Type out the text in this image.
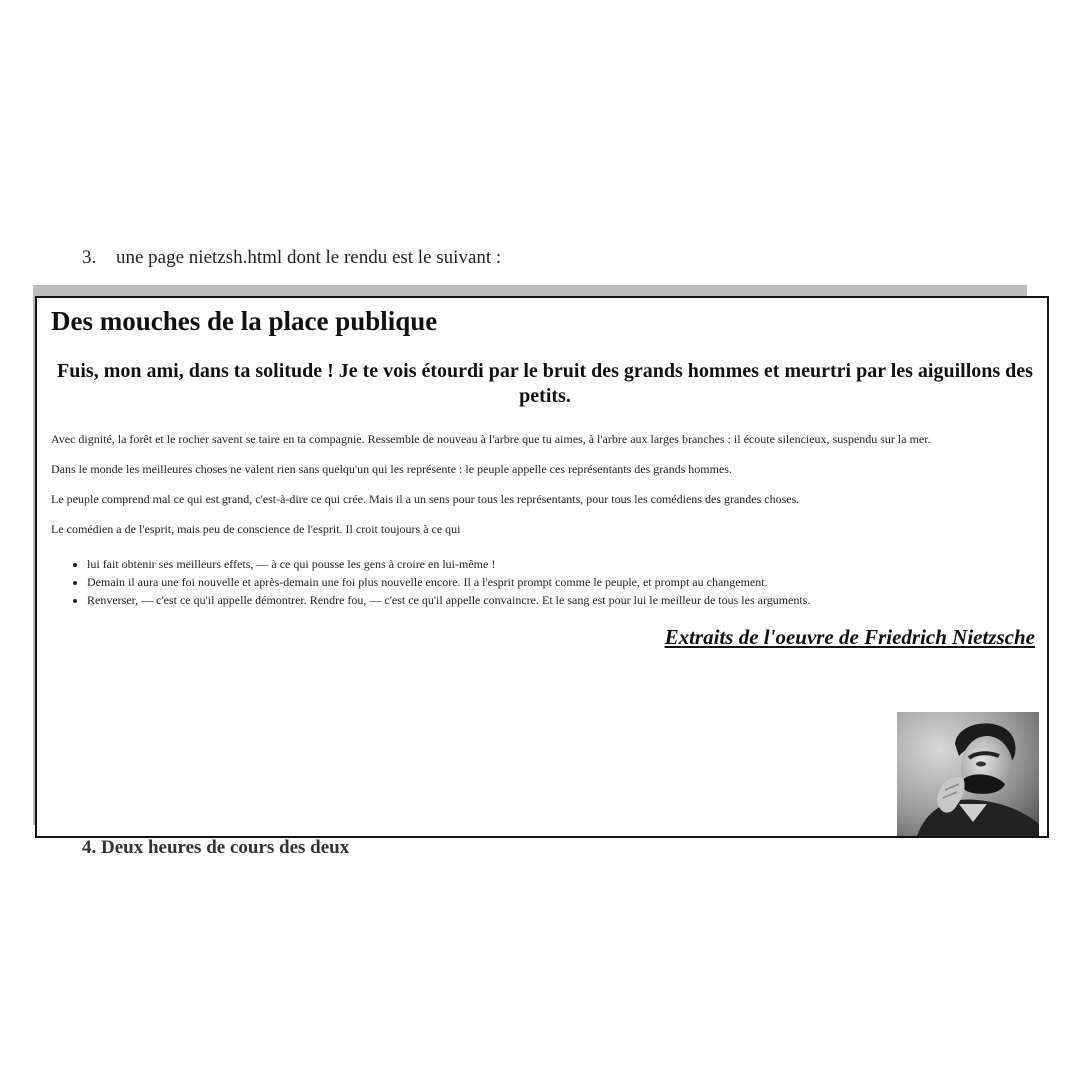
3. une page nietzsh.html dont le rendu est le suivant :
Des mouches de la place publique
Fuis, mon ami, dans ta solitude ! Je te vois étourdi par le bruit des grands hommes et meurtri par les aiguillons des petits.

Avec dignité, la forêt et le rocher savent se taire en ta compagnie. Ressemble de nouveau à l'arbre que tu aimes, à l'arbre aux larges branches : il écoute silencieux, suspendu sur la mer.

Dans le monde les meilleures choses ne valent rien sans quelqu'un qui les représente : le peuple appelle ces représentants des grands hommes.

Le peuple comprend mal ce qui est grand, c'est-à-dire ce qui crée. Mais il a un sens pour tous les représentants, pour tous les comédiens des grandes choses.

Le comédien a de l'esprit, mais peu de conscience de l'esprit. Il croit toujours à ce qui

• lui fait obtenir ses meilleurs effets, — à ce qui pousse les gens à croire en lui-même !
• Demain il aura une foi nouvelle et après-demain une foi plus nouvelle encore. Il a l'esprit prompt comme le peuple, et prompt au changement.
• Renverser, — c'est ce qu'il appelle démontrer. Rendre fou, — c'est ce qu'il appelle convaincre. Et le sang est pour lui le meilleur de tous les arguments.
Extraits de l'oeuvre de Friedrich Nietzsche
4. Deux heures de cours des deux
